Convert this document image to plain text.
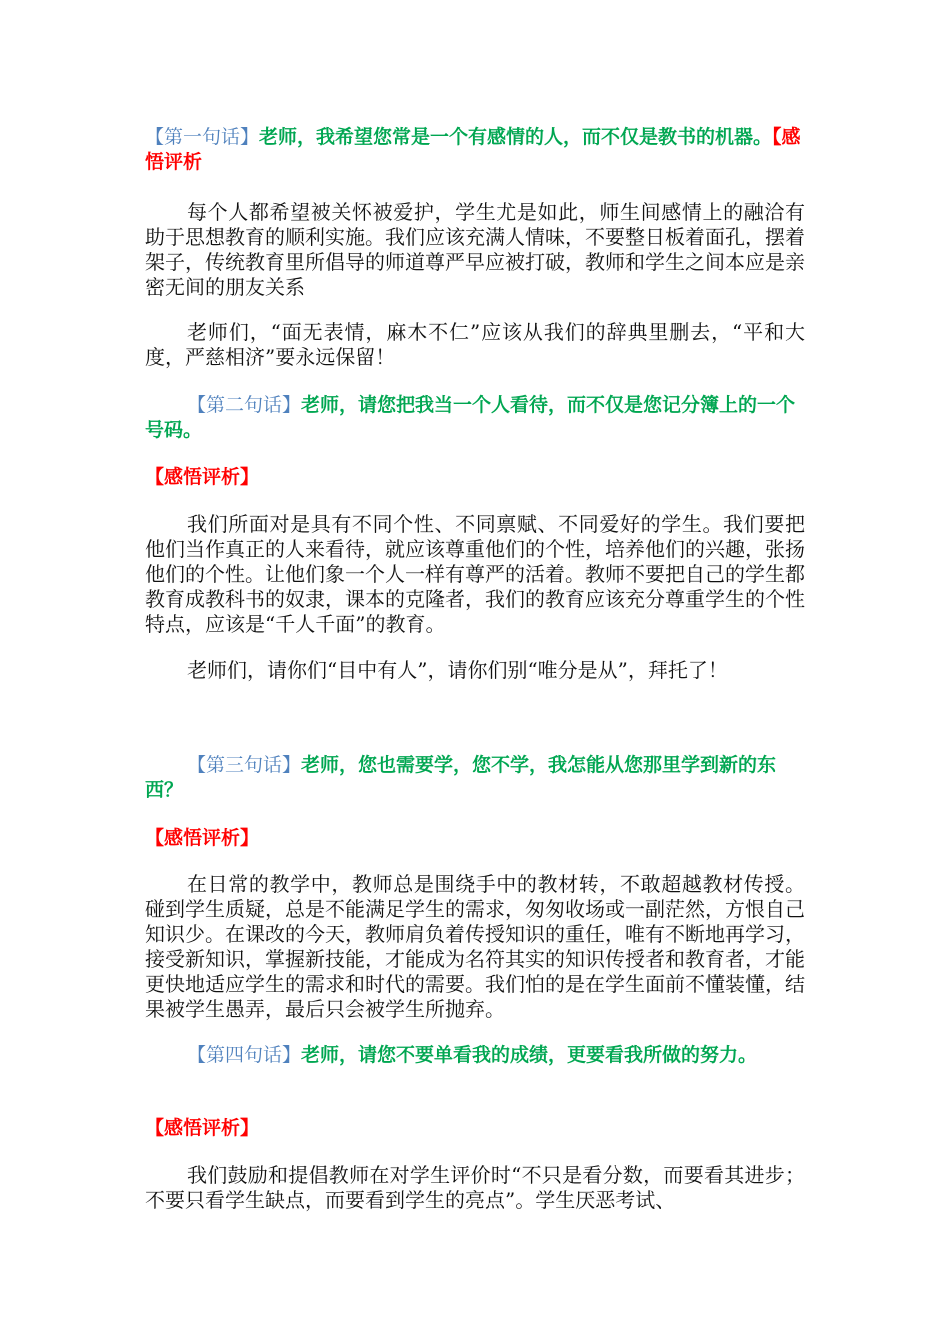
【第一句话】老师，我希望您常是一个有感情的人，而不仅是教书的机器。【感悟评析

每个人都希望被关怀被爱护，学生尤是如此，师生间感情上的融洽有助于思想教育的顺利实施。我们应该充满人情味，不要整日板着面孔，摆着架子，传统教育里所倡导的师道尊严早应被打破，教师和学生之间本应是亲密无间的朋友关系

老师们，“面无表情，麻木不仁”应该从我们的辞典里删去，“平和大度，严慈相济”要永远保留！

【第二句话】老师，请您把我当一个人看待，而不仅是您记分簿上的一个号码。

【感悟评析】

我们所面对是具有不同个性、不同禀赋、不同爱好的学生。我们要把他们当作真正的人来看待，就应该尊重他们的个性，培养他们的兴趣，张扬他们的个性。让他们象一个人一样有尊严的活着。教师不要把自己的学生都教育成教科书的奴隶，课本的克隆者，我们的教育应该充分尊重学生的个性特点，应该是“千人千面”的教育。

老师们，请你们“目中有人”，请你们别“唯分是从”，拜托了！

【第三句话】老师，您也需要学，您不学，我怎能从您那里学到新的东西？

【感悟评析】

在日常的教学中，教师总是围绕手中的教材转，不敢超越教材传授。碰到学生质疑，总是不能满足学生的需求，匆匆收场或一副茫然，方恨自己知识少。在课改的今天，教师肩负着传授知识的重任，唯有不断地再学习，接受新知识，掌握新技能，才能成为名符其实的知识传授者和教育者，才能更快地适应学生的需求和时代的需要。我们怕的是在学生面前不懂装懂，结果被学生愚弄，最后只会被学生所抛弃。

【第四句话】老师，请您不要单看我的成绩，更要看我所做的努力。

【感悟评析】

我们鼓励和提倡教师在对学生评价时“不只是看分数，而要看其进步；不要只看学生缺点，而要看到学生的亮点”。学生厌恶考试、
